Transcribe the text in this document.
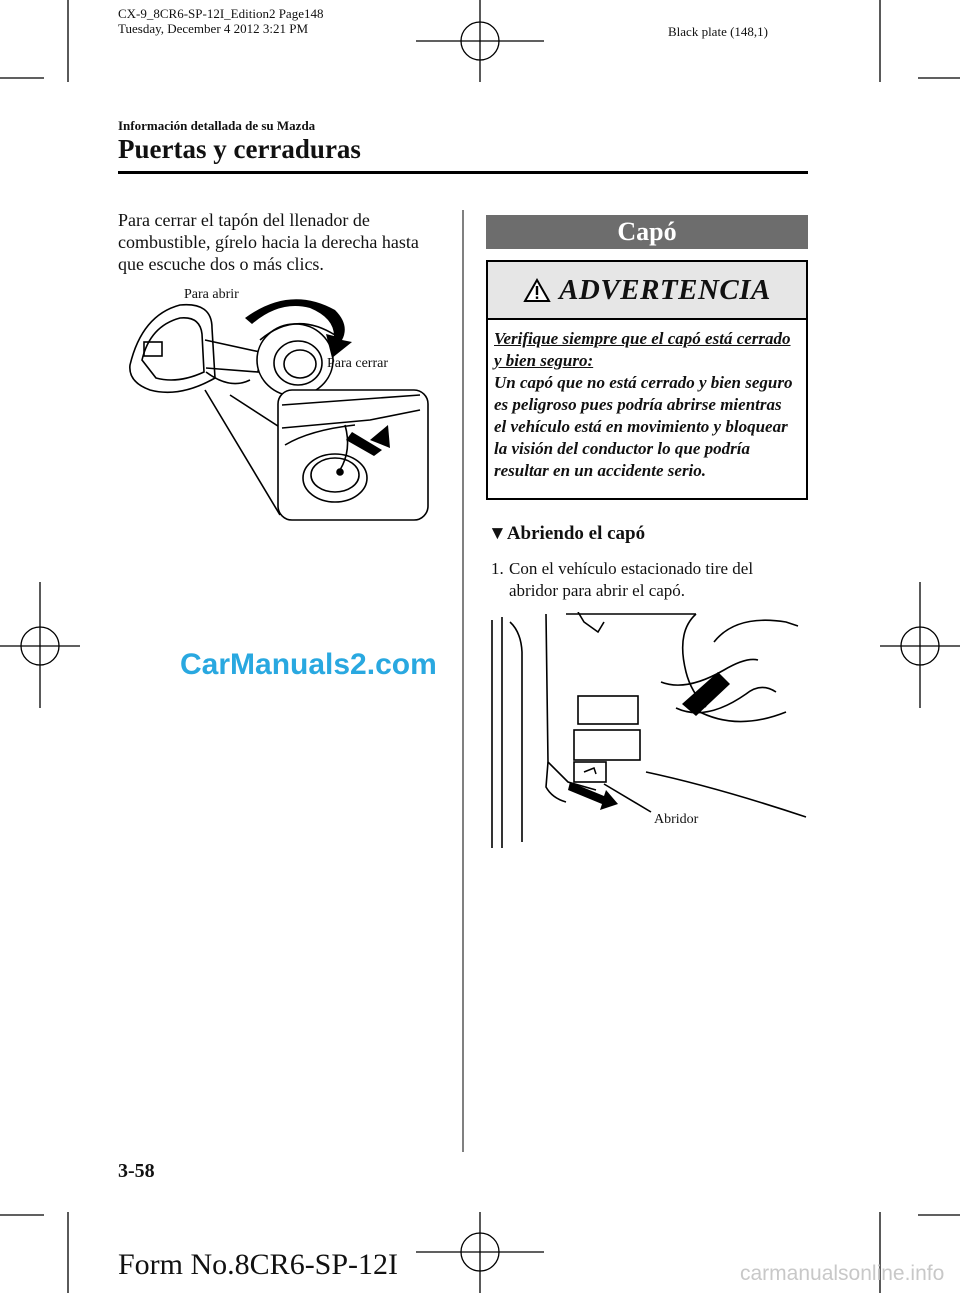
CX-9_8CR6-SP-12I_Edition2 Page148
Tuesday, December 4 2012 3:21 PM	Black plate (148,1)
Información detallada de su Mazda
Puertas y cerraduras
Para cerrar el tapón del llenador de combustible, gírelo hacia la derecha hasta que escuche dos o más clics.
Para abrir
Para cerrar
CarManuals2.com
Capó
ADVERTENCIA
Verifique siempre que el capó está cerrado y bien seguro:
Un capó que no está cerrado y bien seguro es peligroso pues podría abrirse mientras el vehículo está en movimiento y bloquear la visión del conductor lo que podría resultar en un accidente serio.
▼Abriendo el capó
1. Con el vehículo estacionado tire del abridor para abrir el capó.
Abridor
3-58
Form No.8CR6-SP-12I	carmanualsonline.info
